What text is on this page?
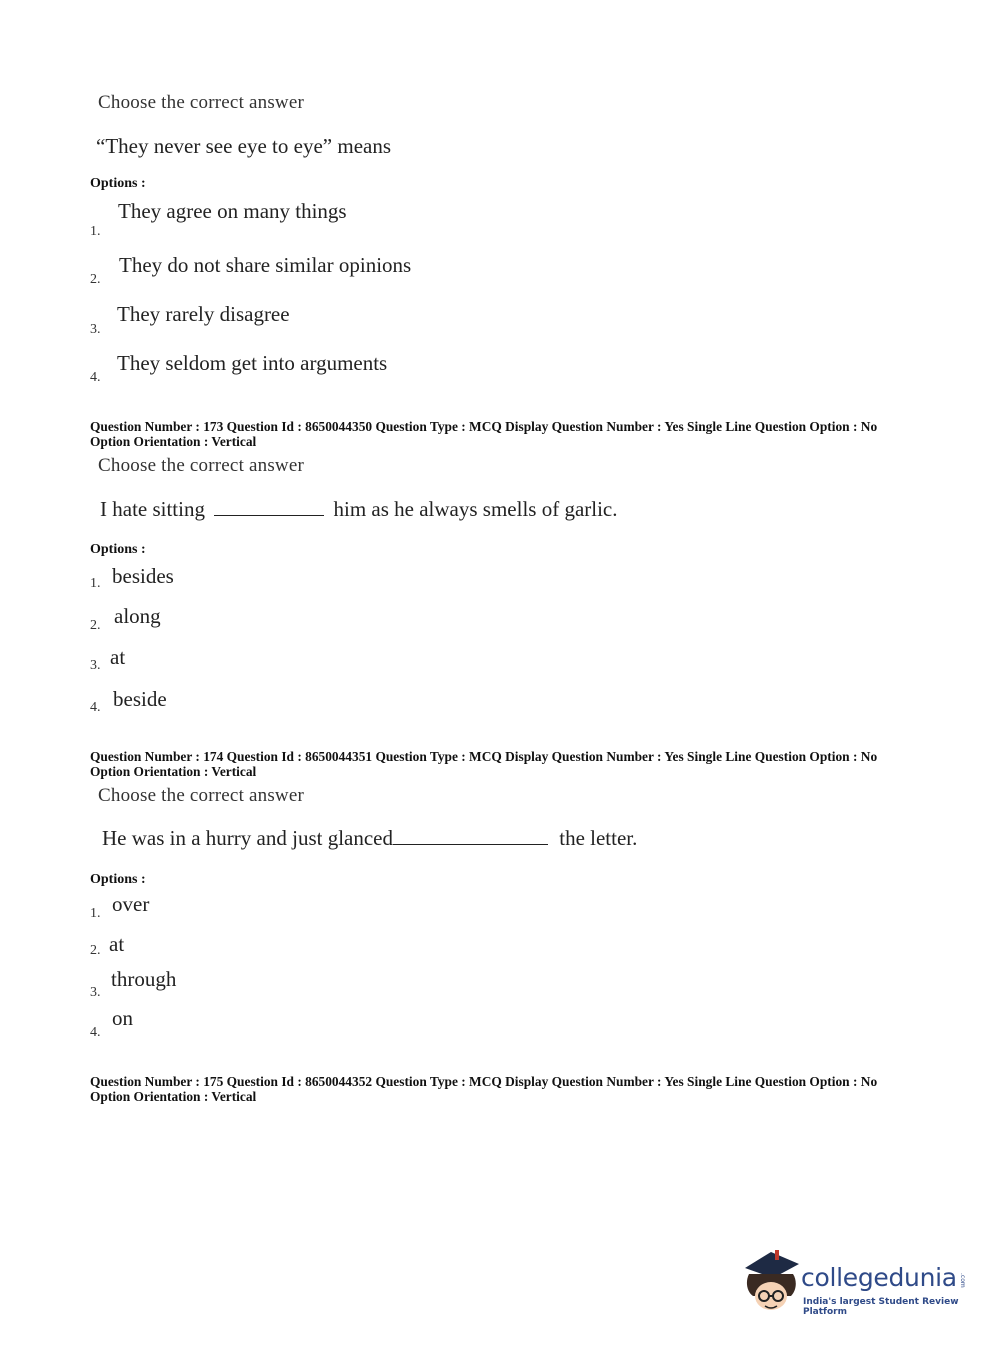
Choose the correct answer
“They never see eye to eye” means
Options :
1.
They agree on many things
2.
They do not share similar opinions
3.
They rarely disagree
4.
They seldom get into arguments
Question Number : 173 Question Id : 8650044350 Question Type : MCQ Display Question Number : Yes Single Line Question Option : No Option Orientation : Vertical
Choose the correct answer
I hate sitting	him as he always smells of garlic.
Options :
1. besides
2. along
3. at
4. beside
Question Number : 174 Question Id : 8650044351 Question Type : MCQ Display Question Number : Yes Single Line Question Option : No Option Orientation : Vertical
Choose the correct answer
He was in a hurry and just glanced	the letter.
Options :
1. over
2. at
3.
through
4.
on
Question Number : 175 Question Id : 8650044352 Question Type : MCQ Display Question Number : Yes Single Line Question Option : No Option Orientation : Vertical
collegedunia .com
India's largest Student Review Platform
